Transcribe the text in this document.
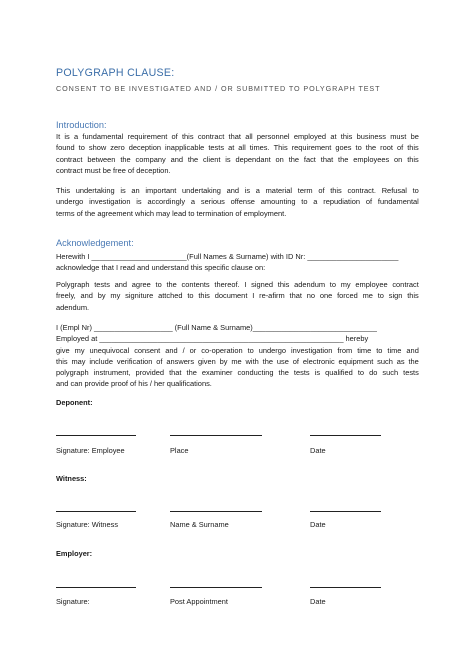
POLYGRAPH CLAUSE:
CONSENT TO BE INVESTIGATED AND / OR SUBMITTED TO POLYGRAPH TEST
Introduction:
It is a fundamental requirement of this contract that all personnel employed at this business must be
found to show zero deception inapplicable tests at all times. This requirement goes to the root of this
contract between the company and the client is dependant on the fact that the employees on this
contract must be free of deception.
This undertaking is an important undertaking and is a material term of this contract. Refusal to
undergo investigation is accordingly a serious offense amounting to a repudiation of fundamental
terms of the agreement which may lead to termination of employment.
Acknowledgement:
Herewith I _______________________(Full Names & Surname) with ID Nr: ______________________
acknowledge that I read and understand this specific clause on:
Polygraph tests and agree to the contents thereof. I signed this adendum to my employee contract
freely, and by my signiture attched to this document I re-afirm that no one forced me to sign this
adendum.
I (Empl Nr) ___________________ (Full Name & Surname)______________________________
Employed at ___________________________________________________________ hereby
give my unequivocal consent and / or co-operation to undergo investigation from time to time and
this may include verification of answers given by me with the use of electronic equipment such as the
polygraph instrument, provided that the examiner conducting the tests is qualified to do such tests
and can provide proof of his / her qualifications.
Deponent:
Signature: Employee	Place	Date
Witness:
Signature: Witness	Name & Surname	Date
Employer:
Signature:	Post Appointment	Date
